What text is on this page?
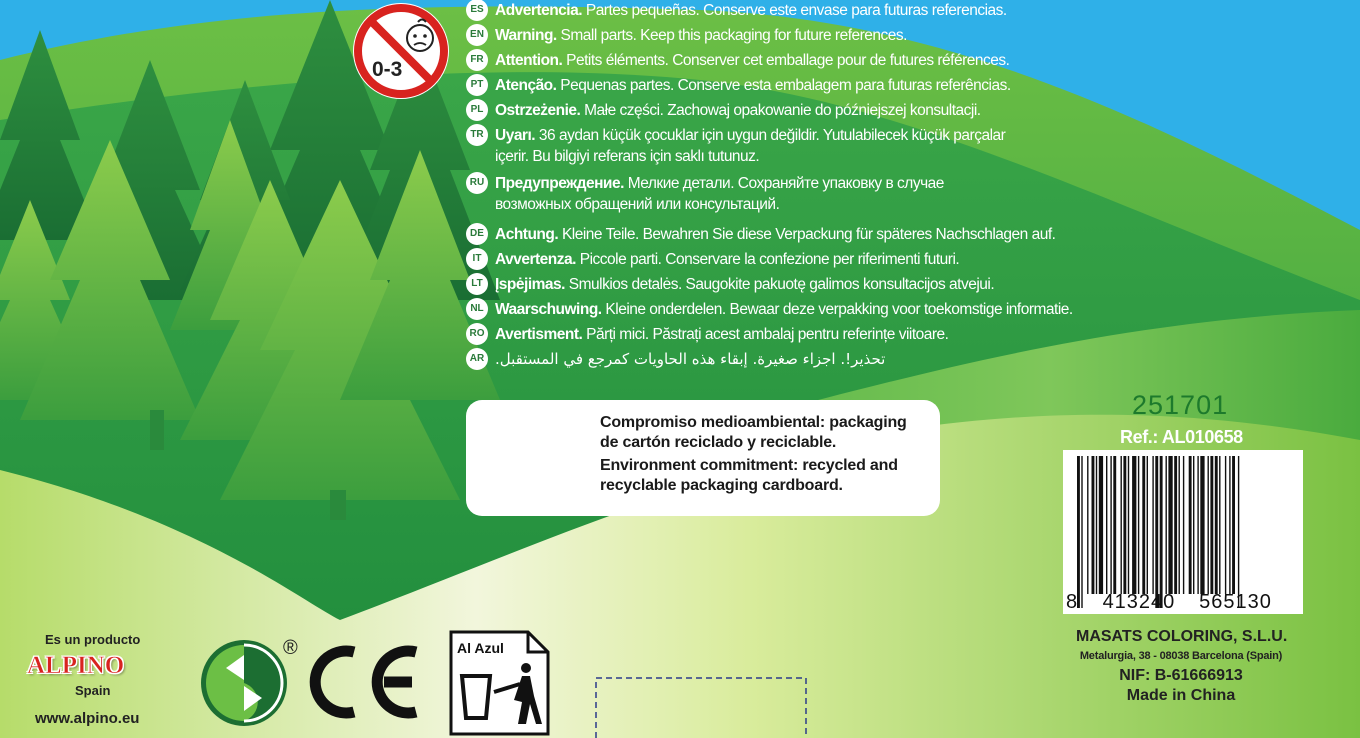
0-3
ES Advertencia. Partes pequeñas. Conserve este envase para futuras referencias.
EN Warning. Small parts. Keep this packaging for future references.
FR Attention. Petits éléments. Conserver cet emballage pour de futures références.
PT Atenção. Pequenas partes. Conserve esta embalagem para futuras referências.
PL Ostrzeżenie. Małe części. Zachowaj opakowanie do późniejszej konsultacji.
TR Uyarı. 36 aydan küçük çocuklar için uygun değildir. Yutulabilecek küçük parçalar
içerir. Bu bilgiyi referans için saklı tutunuz.
RU Предупреждение. Мелкие детали. Сохраняйте упаковку в случае
возможных обращений или консультаций.
DE Achtung. Kleine Teile. Bewahren Sie diese Verpackung für späteres Nachschlagen auf.
IT Avvertenza. Piccole parti. Conservare la confezione per riferimenti futuri.
LT Įspėjimas. Smulkios detalės. Saugokite pakuotę galimos konsultacijos atvejui.
NL Waarschuwing. Kleine onderdelen. Bewaar deze verpakking voor toekomstige informatie.
RO Avertisment. Părți mici. Păstrați acest ambalaj pentru referințe viitoare.
AR تحذير!. اجزاء صغيرة. إبقاء هذه الحاويات كمرجع في المستقبل.

Compromiso medioambiental: packaging
de cartón reciclado y reciclable.

Environment commitment: recycled and
recyclable packaging cardboard.

251701
Ref.: AL010658
8 413240 565130
MASATS COLORING, S.L.U.
Metalurgia, 38 - 08038 Barcelona (Spain)
NIF: B-61666913
Made in China
Es un producto
ALPINO
Spain
www.alpino.eu
®	Al Azul
